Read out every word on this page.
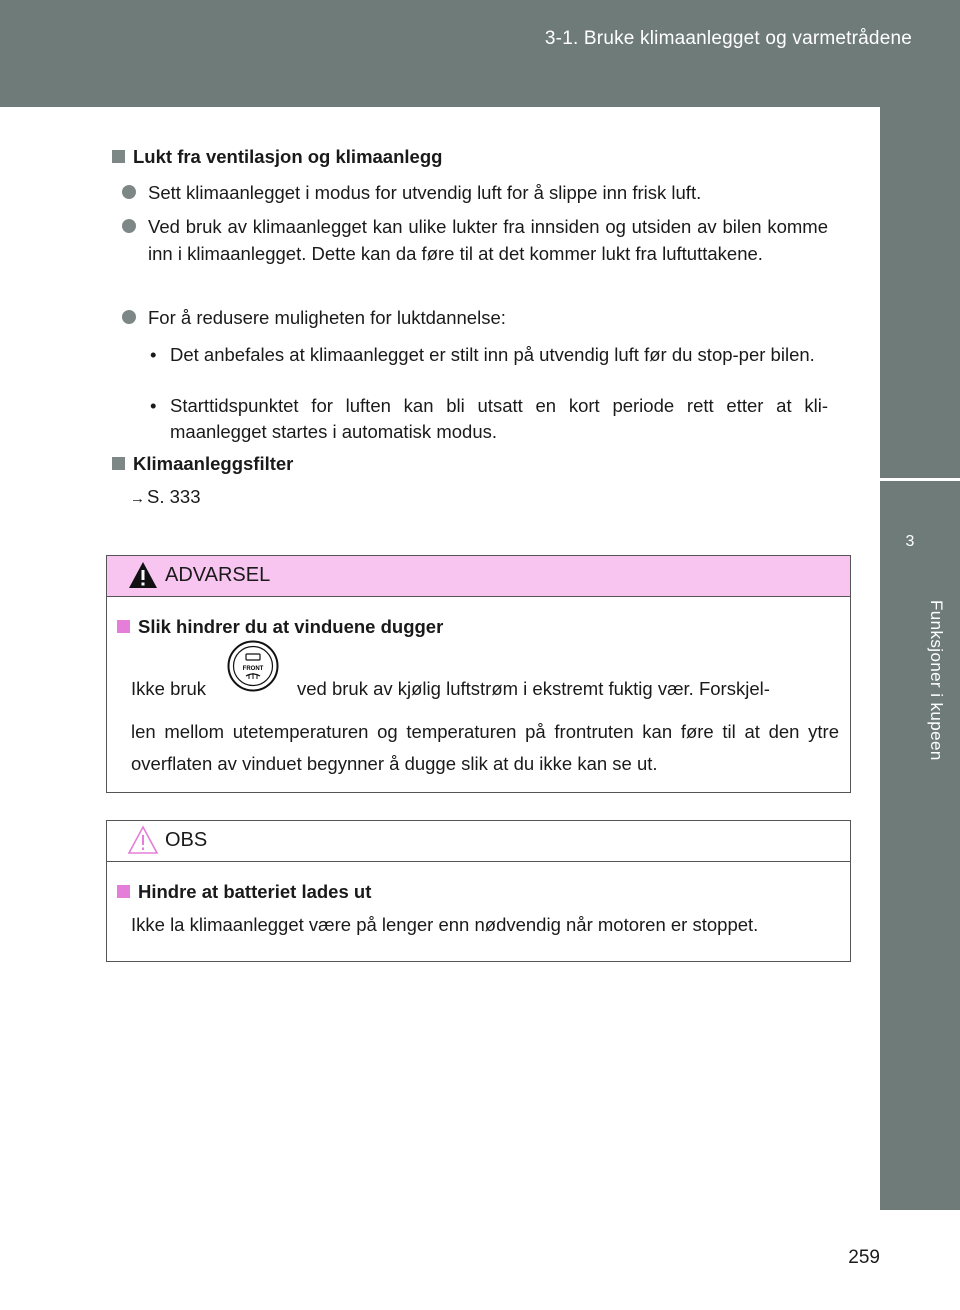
3-1. Bruke klimaanlegget og varmetrådene
3
Funksjoner i kupeen
Lukt fra ventilasjon og klimaanlegg
Sett klimaanlegget i modus for utvendig luft for å slippe inn frisk luft.
Ved bruk av klimaanlegget kan ulike lukter fra innsiden og utsiden av bilen komme inn i klimaanlegget. Dette kan da føre til at det kommer lukt fra luftuttakene.
For å redusere muligheten for luktdannelse:
• Det anbefales at klimaanlegget er stilt inn på utvendig luft før du stop-per bilen.
• Starttidspunktet for luften kan bli utsatt en kort periode rett etter at kli-maanlegget startes i automatisk modus.
Klimaanleggsfilter
→ S. 333
ADVARSEL
Slik hindrer du at vinduene dugger
Ikke bruk
FRONT
ved bruk av kjølig luftstrøm i ekstremt fuktig vær. Forskjel-
len mellom utetemperaturen og temperaturen på frontruten kan føre til at den ytre overflaten av vinduet begynner å dugge slik at du ikke kan se ut.
OBS
Hindre at batteriet lades ut
Ikke la klimaanlegget være på lenger enn nødvendig når motoren er stoppet.
259
